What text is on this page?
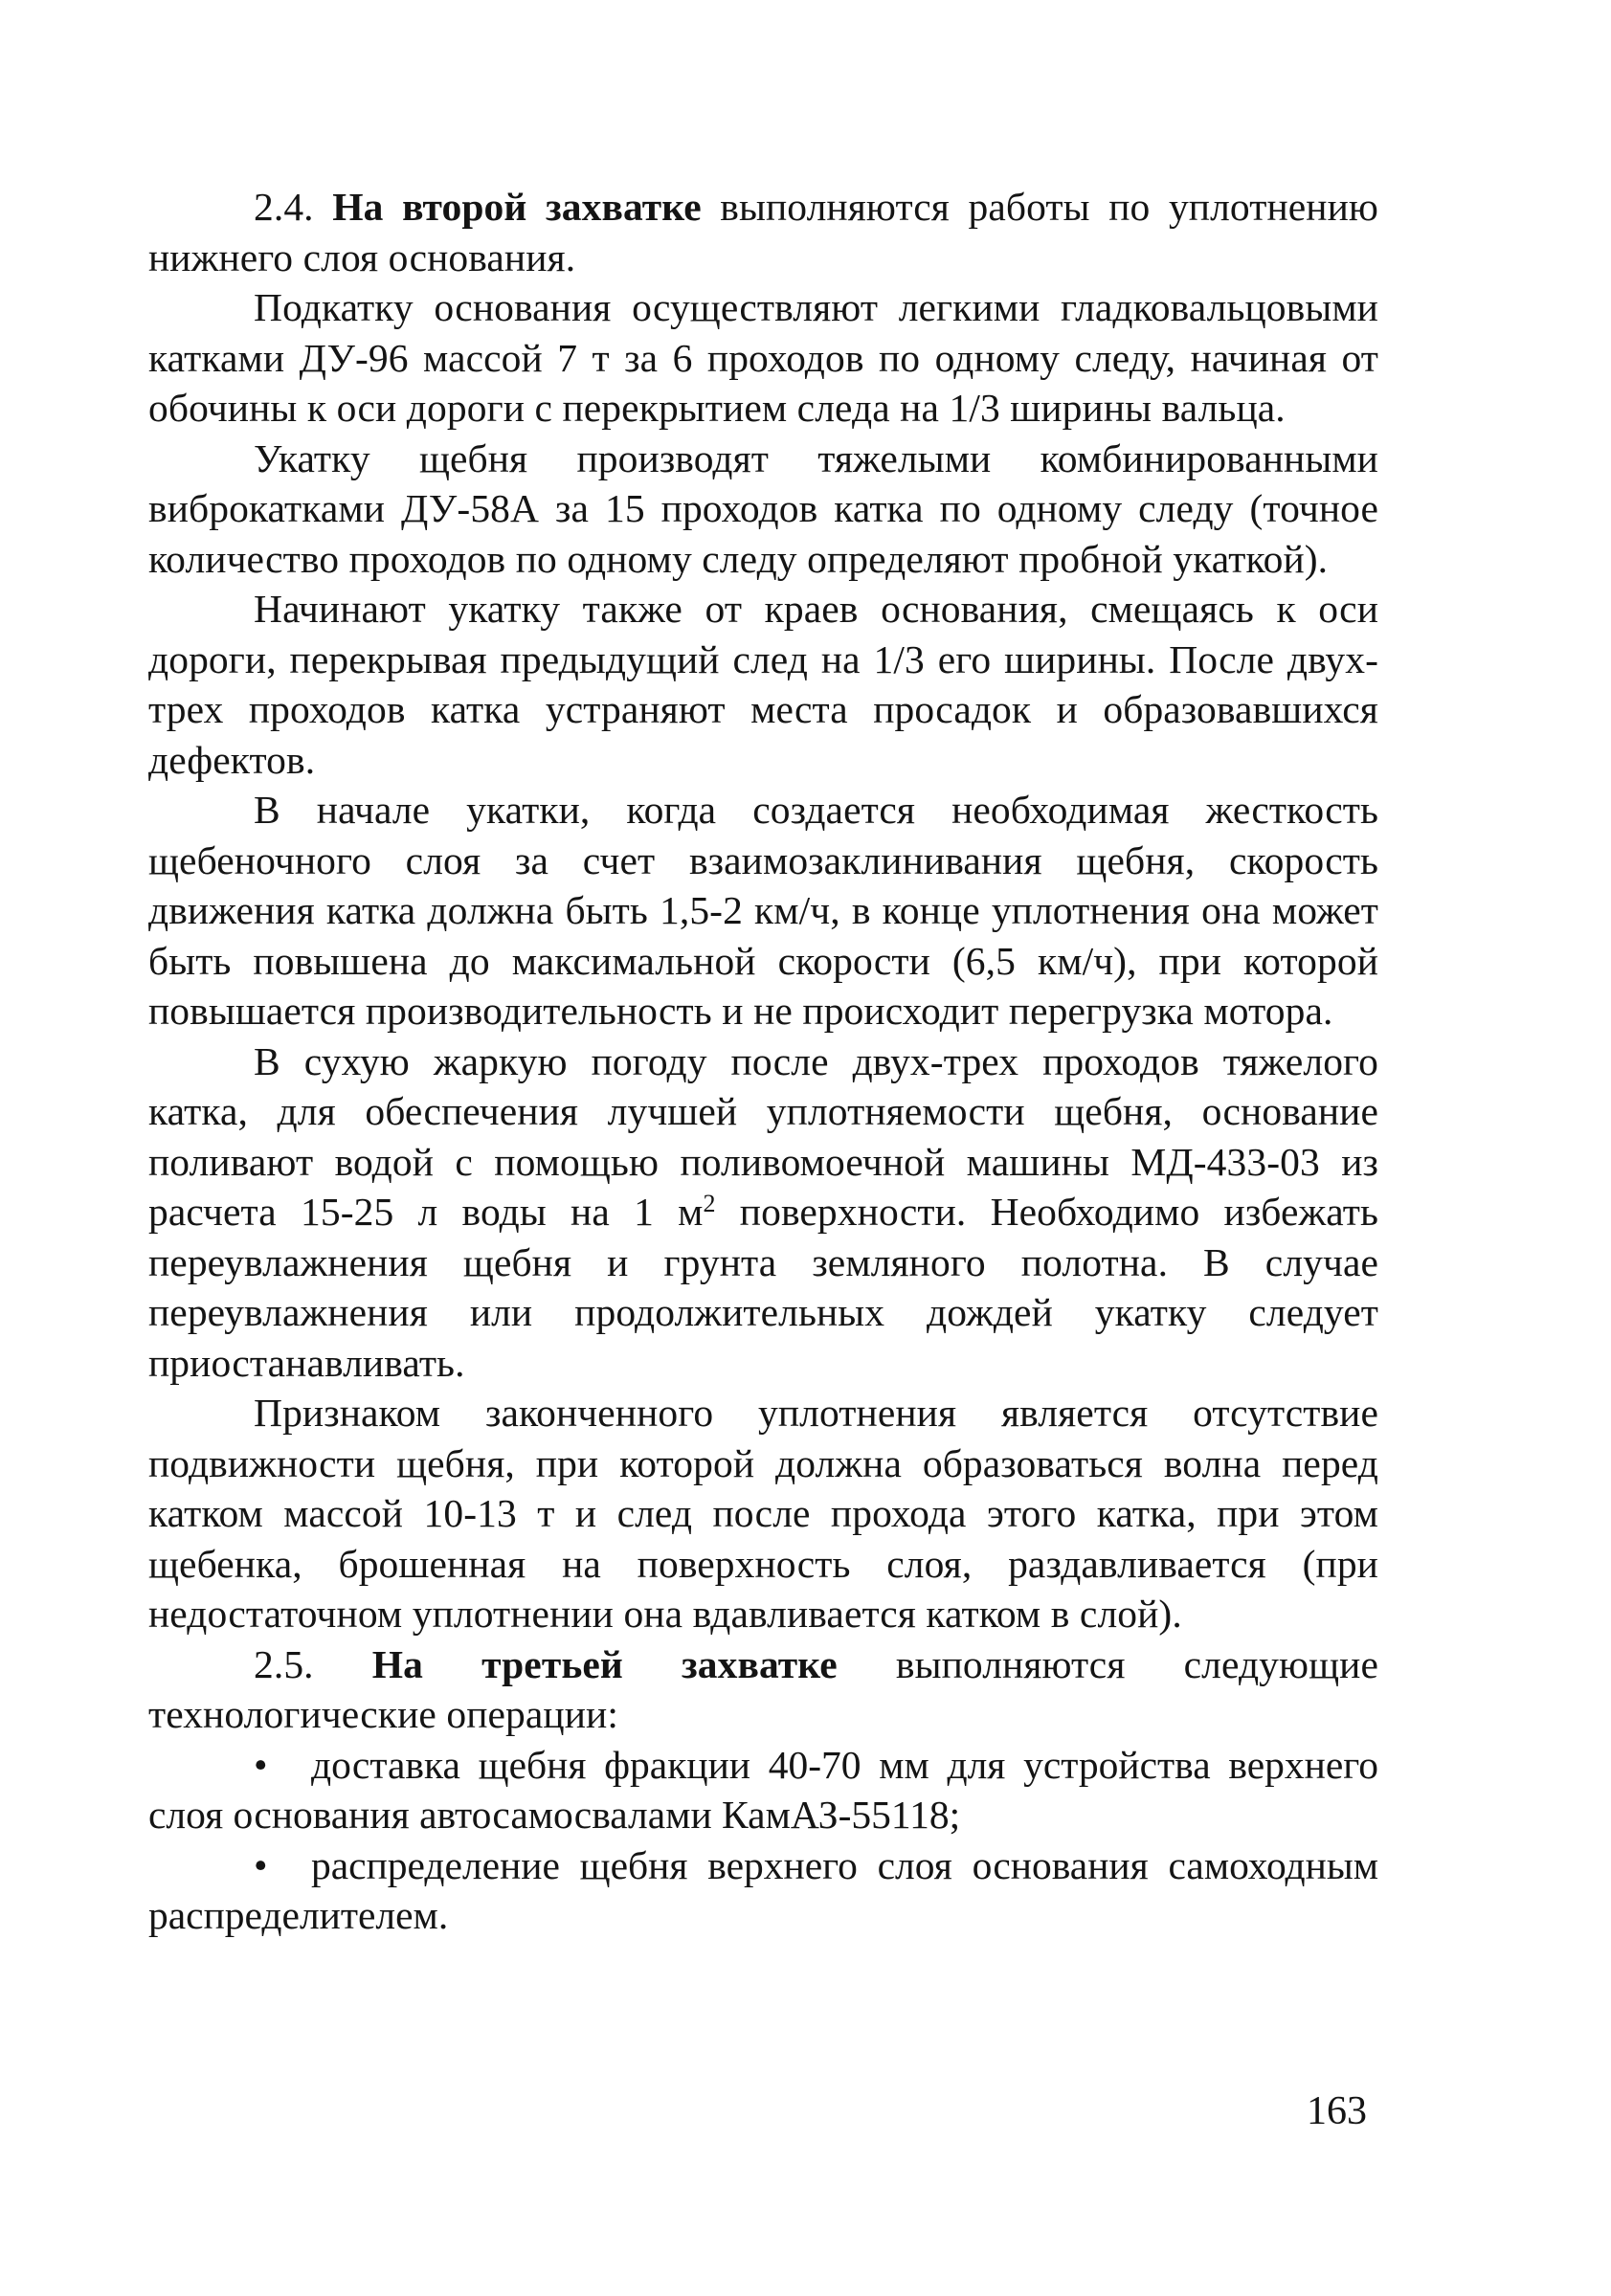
2.4. На второй захватке выполняются работы по уплотнению нижнего слоя основания.

Подкатку основания осуществляют легкими гладковальцовыми катками ДУ-96 массой 7 т за 6 проходов по одному следу, начиная от обочины к оси дороги с перекрытием следа на 1/3 ширины вальца.

Укатку щебня производят тяжелыми комбинированными виброкатками ДУ-58А за 15 проходов катка по одному следу (точное количество проходов по одному следу определяют пробной укаткой).

Начинают укатку также от краев основания, смещаясь к оси дороги, перекрывая предыдущий след на 1/3 его ширины. После двух-трех проходов катка устраняют места просадок и образовавшихся дефектов.

В начале укатки, когда создается необходимая жесткость щебеночного слоя за счет взаимозаклинивания щебня, скорость движения катка должна быть 1,5-2 км/ч, в конце уплотнения она может быть повышена до максимальной скорости (6,5 км/ч), при которой повышается производительность и не происходит перегрузка мотора.

В сухую жаркую погоду после двух-трех проходов тяжелого катка, для обеспечения лучшей уплотняемости щебня, основание поливают водой с помощью поливомоечной машины МД-433-03 из расчета 15-25 л воды на 1 $м^2$ поверхности. Необходимо избежать переувлажнения щебня и грунта земляного полотна. В случае переувлажнения или продолжительных дождей укатку следует приостанавливать.

Признаком законченного уплотнения является отсутствие подвижности щебня, при которой должна образоваться волна перед катком массой 10-13 т и след после прохода этого катка, при этом щебенка, брошенная на поверхность слоя, раздавливается (при недостаточном уплотнении она вдавливается катком в слой).

2.5. На третьей захватке выполняются следующие технологические операции:

• доставка щебня фракции 40-70 мм для устройства верхнего слоя основания автосамосвалами КамАЗ-55118;

• распределение щебня верхнего слоя основания самоходным распределителем.

163
